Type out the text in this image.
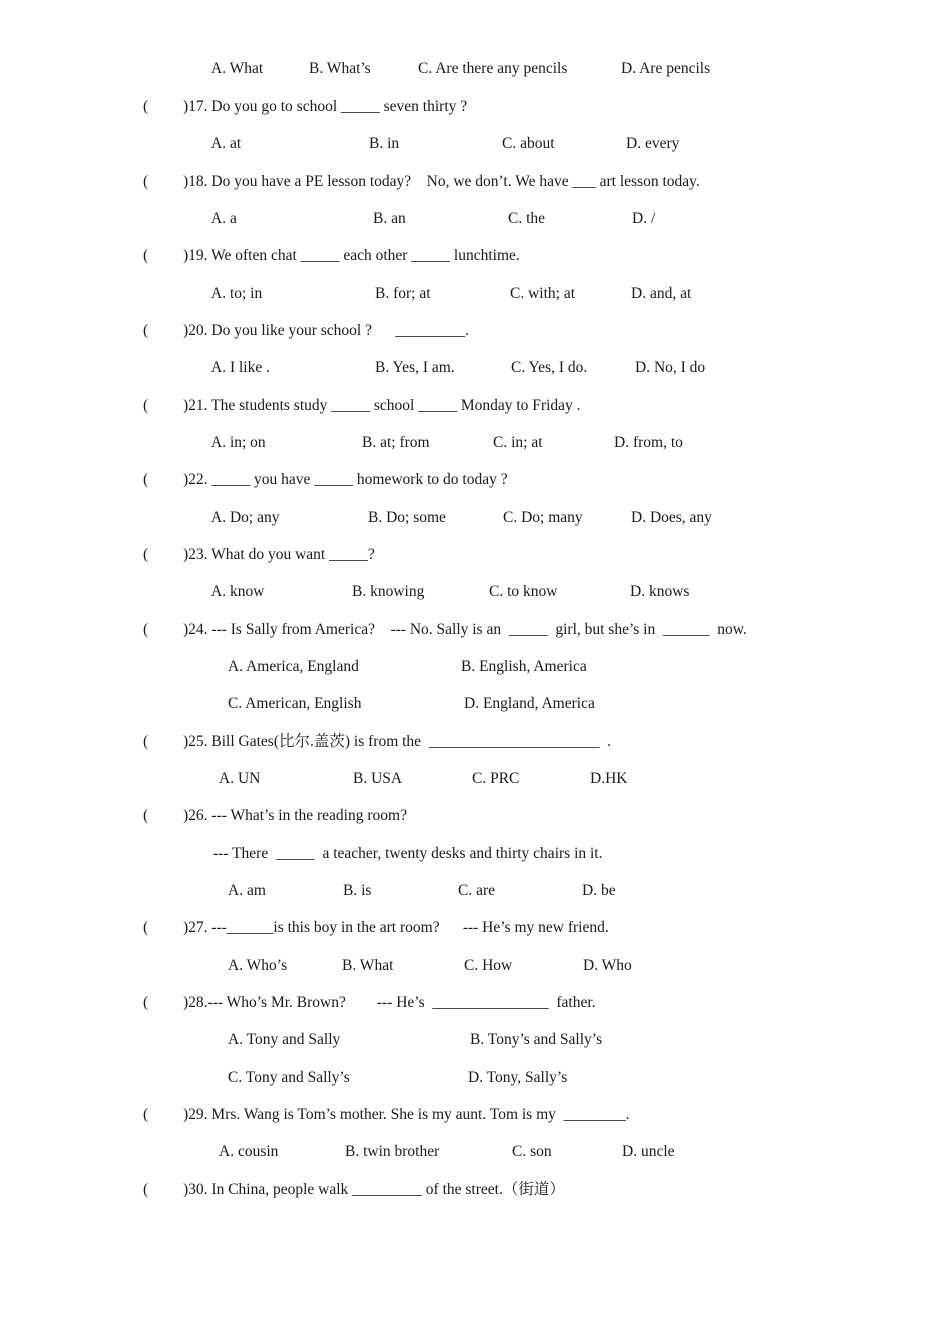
A. What	B. What’s	C. Are there any pencils	D. Are pencils
( )17. Do you go to school _____ seven thirty ?
A. at	B. in	C. about	D. every
( )18. Do you have a PE lesson today?    No, we don’t. We have ___ art lesson today.
A. a	B. an	C. the	D. /
( )19. We often chat _____ each other _____ lunchtime.
A. to; in	B. for; at	C. with; at	D. and, at
( )20. Do you like your school ?      _________.
A. I like .	B. Yes, I am.	C. Yes, I do.	D. No, I do
( )21. The students study _____ school _____ Monday to Friday .
A. in; on	B. at; from	C. in; at	D. from, to
( )22. _____ you have _____ homework to do today ?
A. Do; any	B. Do; some	C. Do; many	D. Does, any
( )23. What do you want _____?
A. know	B. knowing	C. to know	D. knows
( )24. --- Is Sally from America?    --- No. Sally is an  _____  girl, but she’s in  ______  now.
A. America, England	B. English, America
C. American, English	D. England, America
( )25. Bill Gates(比尔.盖茨) is from the  ______________________  .
A. UN	B. USA	C. PRC	D.HK
( )26. --- What’s in the reading room?
--- There  _____  a teacher, twenty desks and thirty chairs in it.
A. am	B. is	C. are	D. be
( )27. ---______is this boy in the art room?      --- He’s my new friend.
A. Who’s	B. What	C. How	D. Who
( )28.--- Who’s Mr. Brown?        --- He’s  _______________  father.
A. Tony and Sally	B. Tony’s and Sally’s
C. Tony and Sally’s	D. Tony, Sally’s
( )29. Mrs. Wang is Tom’s mother. She is my aunt. Tom is my  ________.
A. cousin	B. twin brother	C. son	D. uncle
( )30. In China, people walk _________ of the street.（街道）
